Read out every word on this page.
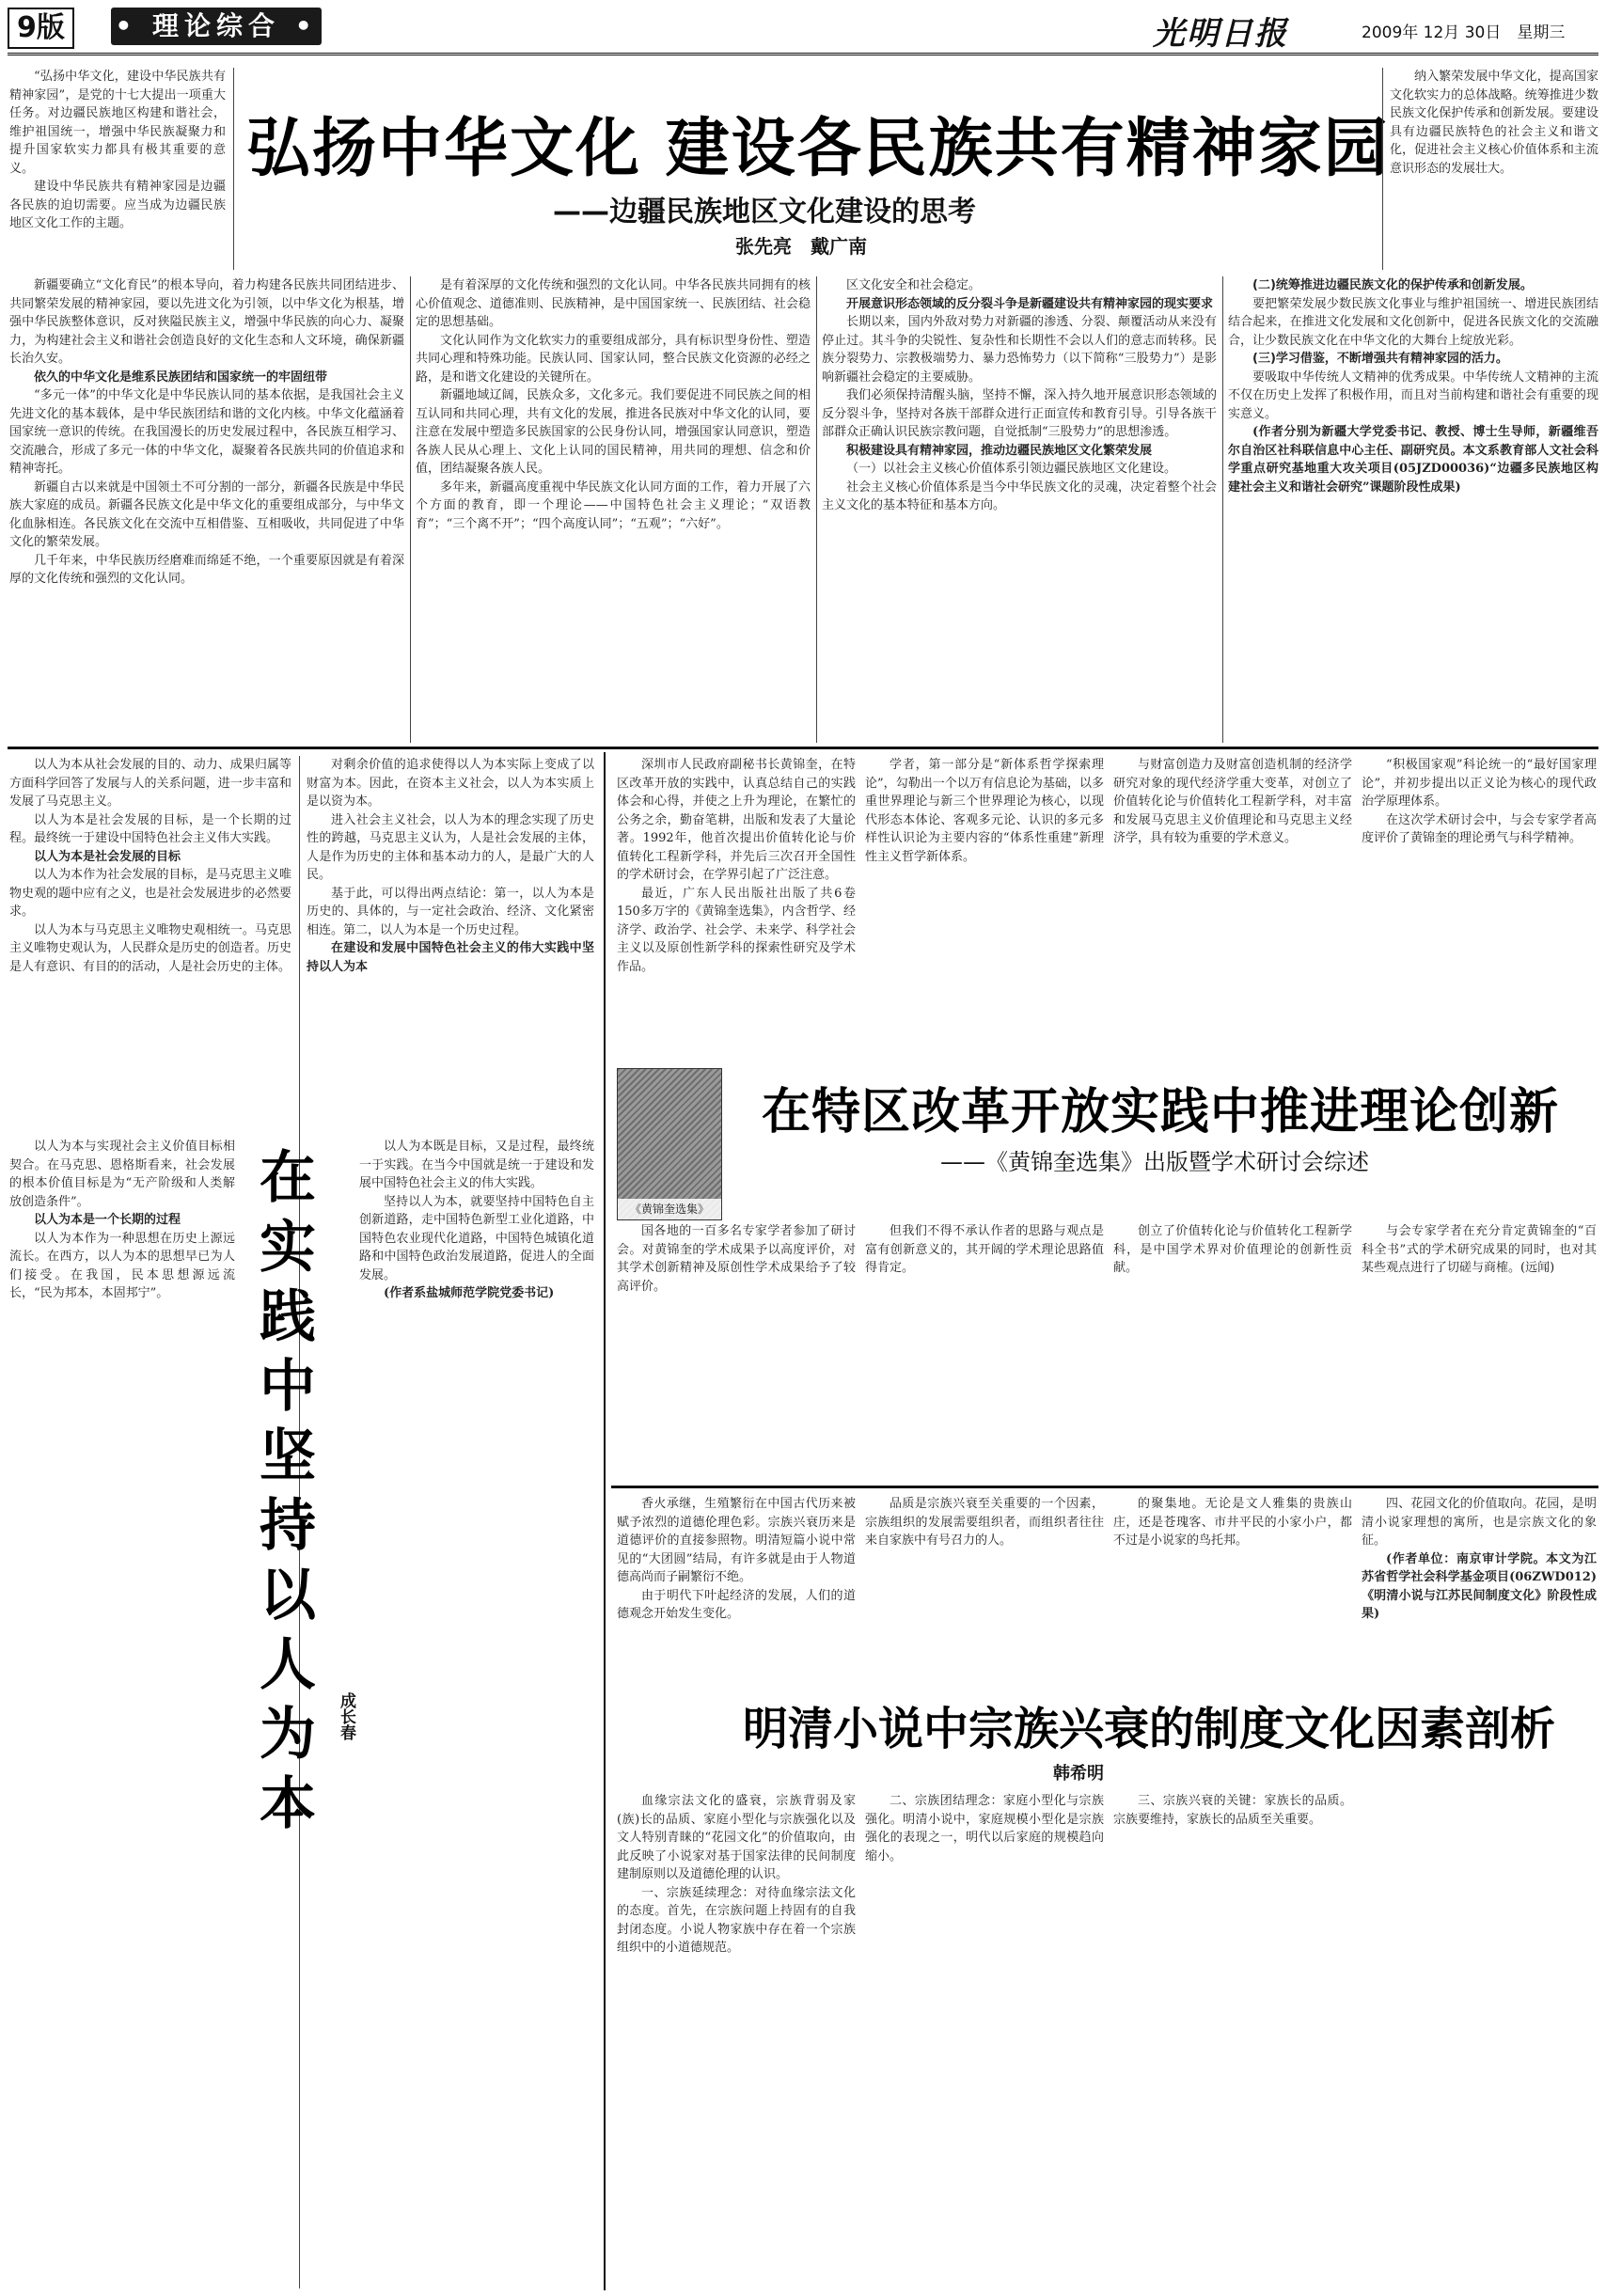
9版	• 理论综合 •	光明日报	2009年 12月 30日　星期三

“弘扬中华文化，建设中华民族共有精神家园”，是党的十七大提出一项重大任务。对边疆民族地区构建和谐社会，维护祖国统一，增强中华民族凝聚力和提升国家软实力都具有极其重要的意义。

建设中华民族共有精神家园是边疆各民族的迫切需要。应当成为边疆民族地区文化工作的主题。

弘扬中华文化 建设各民族共有精神家园
——边疆民族地区文化建设的思考
张先亮　戴广南

纳入繁荣发展中华文化，提高国家文化软实力的总体战略。统筹推进少数民族文化保护传承和创新发展。要建设具有边疆民族特色的社会主义和谐文化，促进社会主义核心价值体系和主流意识形态的发展壮大。

新疆要确立“文化育民”的根本导向，着力构建各民族共同团结进步、共同繁荣发展的精神家园，要以先进文化为引领，以中华文化为根基，增强中华民族整体意识，反对狭隘民族主义，增强中华民族的向心力、凝聚力，为构建社会主义和谐社会创造良好的文化生态和人文环境，确保新疆长治久安。

依久的中华文化是维系民族团结和国家统一的牢固纽带

“多元一体”的中华文化是中华民族认同的基本依据，是我国社会主义先进文化的基本载体，是中华民族团结和谐的文化内核。中华文化蕴涵着国家统一意识的传统。在我国漫长的历史发展过程中，各民族互相学习、交流融合，形成了多元一体的中华文化，凝聚着各民族共同的价值追求和精神寄托。

新疆自古以来就是中国领土不可分割的一部分，新疆各民族是中华民族大家庭的成员。新疆各民族文化是中华文化的重要组成部分，与中华文化血脉相连。各民族文化在交流中互相借鉴、互相吸收，共同促进了中华文化的繁荣发展。

几千年来，中华民族历经磨难而绵延不绝，一个重要原因就是有着深厚的文化传统和强烈的文化认同。

是有着深厚的文化传统和强烈的文化认同。中华各民族共同拥有的核心价值观念、道德准则、民族精神，是中国国家统一、民族团结、社会稳定的思想基础。

文化认同作为文化软实力的重要组成部分，具有标识型身份性、塑造共同心理和特殊功能。民族认同、国家认同，整合民族文化资源的必经之路，是和谐文化建设的关键所在。

新疆地域辽阔，民族众多，文化多元。我们要促进不同民族之间的相互认同和共同心理，共有文化的发展，推进各民族对中华文化的认同，要注意在发展中塑造多民族国家的公民身份认同，增强国家认同意识，塑造各族人民从心理上、文化上认同的国民精神，用共同的理想、信念和价值，团结凝聚各族人民。

多年来，新疆高度重视中华民族文化认同方面的工作，着力开展了六个方面的教育，即一个理论——中国特色社会主义理论；“双语教育”；“三个离不开”；“四个高度认同”；“五观”；“六好”。

区文化安全和社会稳定。

开展意识形态领域的反分裂斗争是新疆建设共有精神家园的现实要求

长期以来，国内外敌对势力对新疆的渗透、分裂、颠覆活动从来没有停止过。其斗争的尖锐性、复杂性和长期性不会以人们的意志而转移。民族分裂势力、宗教极端势力、暴力恐怖势力（以下简称“三股势力”）是影响新疆社会稳定的主要威胁。

我们必须保持清醒头脑，坚持不懈，深入持久地开展意识形态领域的反分裂斗争，坚持对各族干部群众进行正面宣传和教育引导。引导各族干部群众正确认识民族宗教问题，自觉抵制“三股势力”的思想渗透。

积极建设具有精神家园，推动边疆民族地区文化繁荣发展

（一）以社会主义核心价值体系引领边疆民族地区文化建设。

社会主义核心价值体系是当今中华民族文化的灵魂，决定着整个社会主义文化的基本特征和基本方向。

(二)统筹推进边疆民族文化的保护传承和创新发展。

要把繁荣发展少数民族文化事业与维护祖国统一、增进民族团结结合起来，在推进文化发展和文化创新中，促进各民族文化的交流融合，让少数民族文化在中华文化的大舞台上绽放光彩。

(三)学习借鉴，不断增强共有精神家园的活力。

要吸取中华传统人文精神的优秀成果。中华传统人文精神的主流不仅在历史上发挥了积极作用，而且对当前构建和谐社会有重要的现实意义。

(作者分别为新疆大学党委书记、教授、博士生导师，新疆维吾尔自治区社科联信息中心主任、副研究员。本文系教育部人文社会科学重点研究基地重大攻关项目(05JZD00036)“边疆多民族地区构建社会主义和谐社会研究”课题阶段性成果)

以人为本从社会发展的目的、动力、成果归属等方面科学回答了发展与人的关系问题，进一步丰富和发展了马克思主义。

以人为本是社会发展的目标，是一个长期的过程。最终统一于建设中国特色社会主义伟大实践。

以人为本是社会发展的目标

以人为本作为社会发展的目标，是马克思主义唯物史观的题中应有之义，也是社会发展进步的必然要求。

以人为本与马克思主义唯物史观相统一。马克思主义唯物史观认为，人民群众是历史的创造者。历史是人有意识、有目的的活动，人是社会历史的主体。

对剩余价值的追求使得以人为本实际上变成了以财富为本。因此，在资本主义社会，以人为本实质上是以资为本。

进入社会主义社会，以人为本的理念实现了历史性的跨越，马克思主义认为，人是社会发展的主体，人是作为历史的主体和基本动力的人，是最广大的人民。

基于此，可以得出两点结论：第一，以人为本是历史的、具体的，与一定社会政治、经济、文化紧密相连。第二，以人为本是一个历史过程。

在建设和发展中国特色社会主义的伟大实践中坚持以人为本

以人为本与实现社会主义价值目标相契合。在马克思、恩格斯看来，社会发展的根本价值目标是为“无产阶级和人类解放创造条件”。

以人为本是一个长期的过程

以人为本作为一种思想在历史上源远流长。在西方，以人为本的思想早已为人们接受。在我国，民本思想源远流长，“民为邦本，本固邦宁”。	在实践中坚持以人为本	成长春

以人为本既是目标，又是过程，最终统一于实践。在当今中国就是统一于建设和发展中国特色社会主义的伟大实践。

坚持以人为本，就要坚持中国特色自主创新道路，走中国特色新型工业化道路，中国特色农业现代化道路，中国特色城镇化道路和中国特色政治发展道路，促进人的全面发展。

(作者系盐城师范学院党委书记)

深圳市人民政府副秘书长黄锦奎，在特区改革开放的实践中，认真总结自己的实践体会和心得，并使之上升为理论，在繁忙的公务之余，勤奋笔耕，出版和发表了大量论著。1992年，他首次提出价值转化论与价值转化工程新学科，并先后三次召开全国性的学术研讨会，在学界引起了广泛注意。

最近，广东人民出版社出版了共6卷150多万字的《黄锦奎选集》，内含哲学、经济学、政治学、社会学、未来学、科学社会主义以及原创性新学科的探索性研究及学术作品。

学者，第一部分是“新体系哲学探索理论”，勾勒出一个以万有信息论为基础，以多重世界理论与新三个世界理论为核心，以现代形态本体论、客观多元论、认识的多元多样性认识论为主要内容的“体系性重建”新理性主义哲学新体系。

与财富创造力及财富创造机制的经济学研究对象的现代经济学重大变革，对创立了价值转化论与价值转化工程新学科，对丰富和发展马克思主义价值理论和马克思主义经济学，具有较为重要的学术意义。

“积极国家观”科论统一的“最好国家理论”，并初步提出以正义论为核心的现代政治学原理体系。

在这次学术研讨会中，与会专家学者高度评价了黄锦奎的理论勇气与科学精神。

《黄锦奎选集》
在特区改革开放实践中推进理论创新
——《黄锦奎选集》出版暨学术研讨会综述

国各地的一百多名专家学者参加了研讨会。对黄锦奎的学术成果予以高度评价，对其学术创新精神及原创性学术成果给予了较高评价。

但我们不得不承认作者的思路与观点是富有创新意义的，其开阔的学术理论思路值得肯定。

创立了价值转化论与价值转化工程新学科，是中国学术界对价值理论的创新性贡献。

与会专家学者在充分肯定黄锦奎的“百科全书”式的学术研究成果的同时，也对其某些观点进行了切磋与商榷。(远闻)

香火承继，生殖繁衍在中国古代历来被赋予浓烈的道德伦理色彩。宗族兴衰历来是道德评价的直接参照物。明清短篇小说中常见的“大团圆”结局，有许多就是由于人物道德高尚而子嗣繁衍不绝。

由于明代下叶起经济的发展，人们的道德观念开始发生变化。

品质是宗族兴衰至关重要的一个因素，宗族组织的发展需要组织者，而组织者往往来自家族中有号召力的人。

的聚集地。无论是文人雅集的贵族山庄，还是苍瑰客、市井平民的小家小户，都不过是小说家的鸟托邦。

明清小说中宗族兴衰的制度文化因素剖析
韩希明

血缘宗法文化的盛衰，宗族背弱及家(族)长的品质、家庭小型化与宗族强化以及文人特别青睐的“花园文化”的价值取向，由此反映了小说家对基于国家法律的民间制度建制原则以及道德伦理的认识。

一、宗族延续理念：对待血缘宗法文化的态度。首先，在宗族问题上持固有的自我封闭态度。小说人物家族中存在着一个宗族组织中的小道德规范。

二、宗族团结理念：家庭小型化与宗族强化。明清小说中，家庭规模小型化是宗族强化的表现之一，明代以后家庭的规模趋向缩小。

三、宗族兴衰的关键：家族长的品质。宗族要维持，家族长的品质至关重要。

四、花园文化的价值取向。花园，是明清小说家理想的寓所，也是宗族文化的象征。

(作者单位：南京审计学院。本文为江苏省哲学社会科学基金项目(06ZWD012)《明清小说与江苏民间制度文化》阶段性成果)
